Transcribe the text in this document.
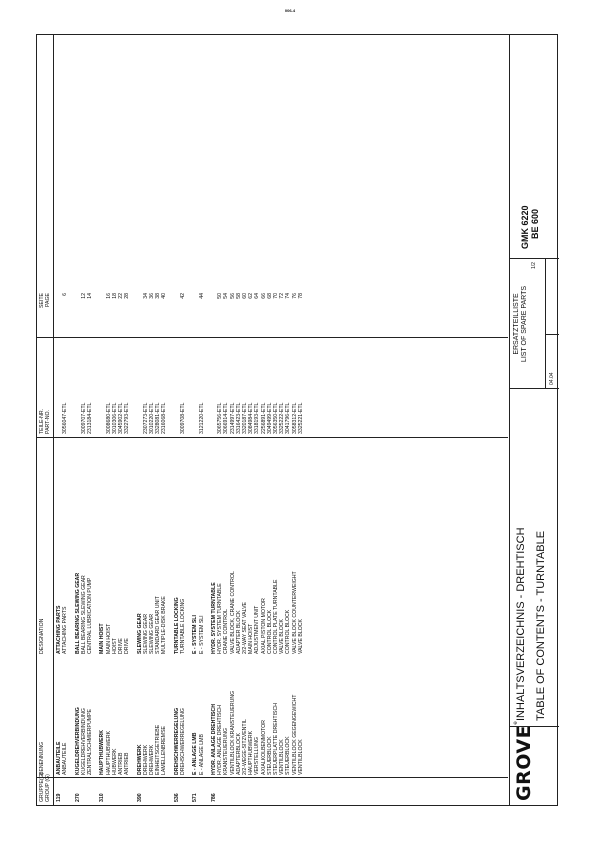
006-4
GRUPPE(G) GROUP (G)
BENENNUNG
DESIGNATION
TEILE-NR. PART-NO.
SEITE PAGE
119
ANBAUTEILE
ATTACHING PARTS
ANBAUTEILE
ATTACHING PARTS
3056047-ETL
6
270
KUGELDREHVERBINDUNG
BALL BEARING SLEWING GEAR
KUGELDREHVERBINDUNG
BALL BEARING SLEWING GEAR
3009707-ETL
12
ZENTRALSCHMIERPUMPE
CENTRAL LUBRICATION PUMP
2313184-ETL
14
310
HAUPTHUBWERK
MAIN HOIST
HAUPTHUBWERK
MAIN HOIST
3008680-ETL
16
HUBWERK
HOIST
3010306-ETL
18
ANTRIEB
DRIVE
3045902-ETL
22
ANTRIEB
DRIVE
3322793-ETL
28
390
DREHWERK
SLEWING GEAR
DREHWERK
SLEWING GEAR
2307273-ETL
34
DREHWERK
SLEWING GEAR
3010220-ETL
36
EINHEITSGETRIEBE
STANDARD GEAR UNIT
3328081-ETL
38
LAMELLENBREMSE
MULTIPLE-DISK BRAKE
2316068-ETL
40
536
DREHSCHWERREGELUNG
TURNTABLE LOCKING
DREHSCHWERREGELUNG
TURNTABLE LOCKING
3009708-ETL
42
571
E - ANLAGE LMB
E - SYSTEM SLI
E - ANLAGE LMB
E - SYSTEM SLI
3121220-ETL
44
786
HYDR. ANLAGE DREHTISCH
HYDR. SYSTEM TURNTABLE
HYDR. ANLAGE DREHTISCH
HYDR. SYSTEM TURNTABLE
3065756-ETL
50
KRANSTEUERUNG
CRANE CONTROL
3066914-ETL
54
VENTILBLOCK KRANSTEUERUNG
VALVE BLOCK, CRANE CONTROL
2314997-ETL
56
ADAPTERBLOCK
ADAPTER BLOCK
3316423-ETL
58
2/2-WEGE-SITZVENTIL
2/2-WAY SEAT VALVE
3320187-ETL
60
HAUPTHUBWERK
MAIN HOIST
3084984-ETL
62
VERSTELLUNG
ADJUSTMENT UNIT
3318193-ETL
64
AXIALKOLBENMOTOR
AXIAL PISTON MOTOR
2256891-ETL
66
STEUERBLOCK
CONTROL BLOCK
3049499-ETL
68
STEUERPLATTE DREHTISCH
CONTROL PLATE TURNTABLE
3056350-ETL
70
VENTILBLOCK
VALVE BLOCK
3325222-ETL
72
STEUERBLOCK
CONTROL BLOCK
3041796-ETL
74
VENTILBLOCK GEGENGEWICHT
VALVE BLOCK COUNTERWEIGHT
3058312-ETL
76
VENTILBLOCK
VALVE BLOCK
3325221-ETL
78
GROVE®
INHALTSVERZEICHNIS - DREHTISCH TABLE OF CONTENTS - TURNTABLE
ERSATZTEILLISTE LIST OF SPARE PARTS
04.04
1/2
GMK 6220 BE 600
